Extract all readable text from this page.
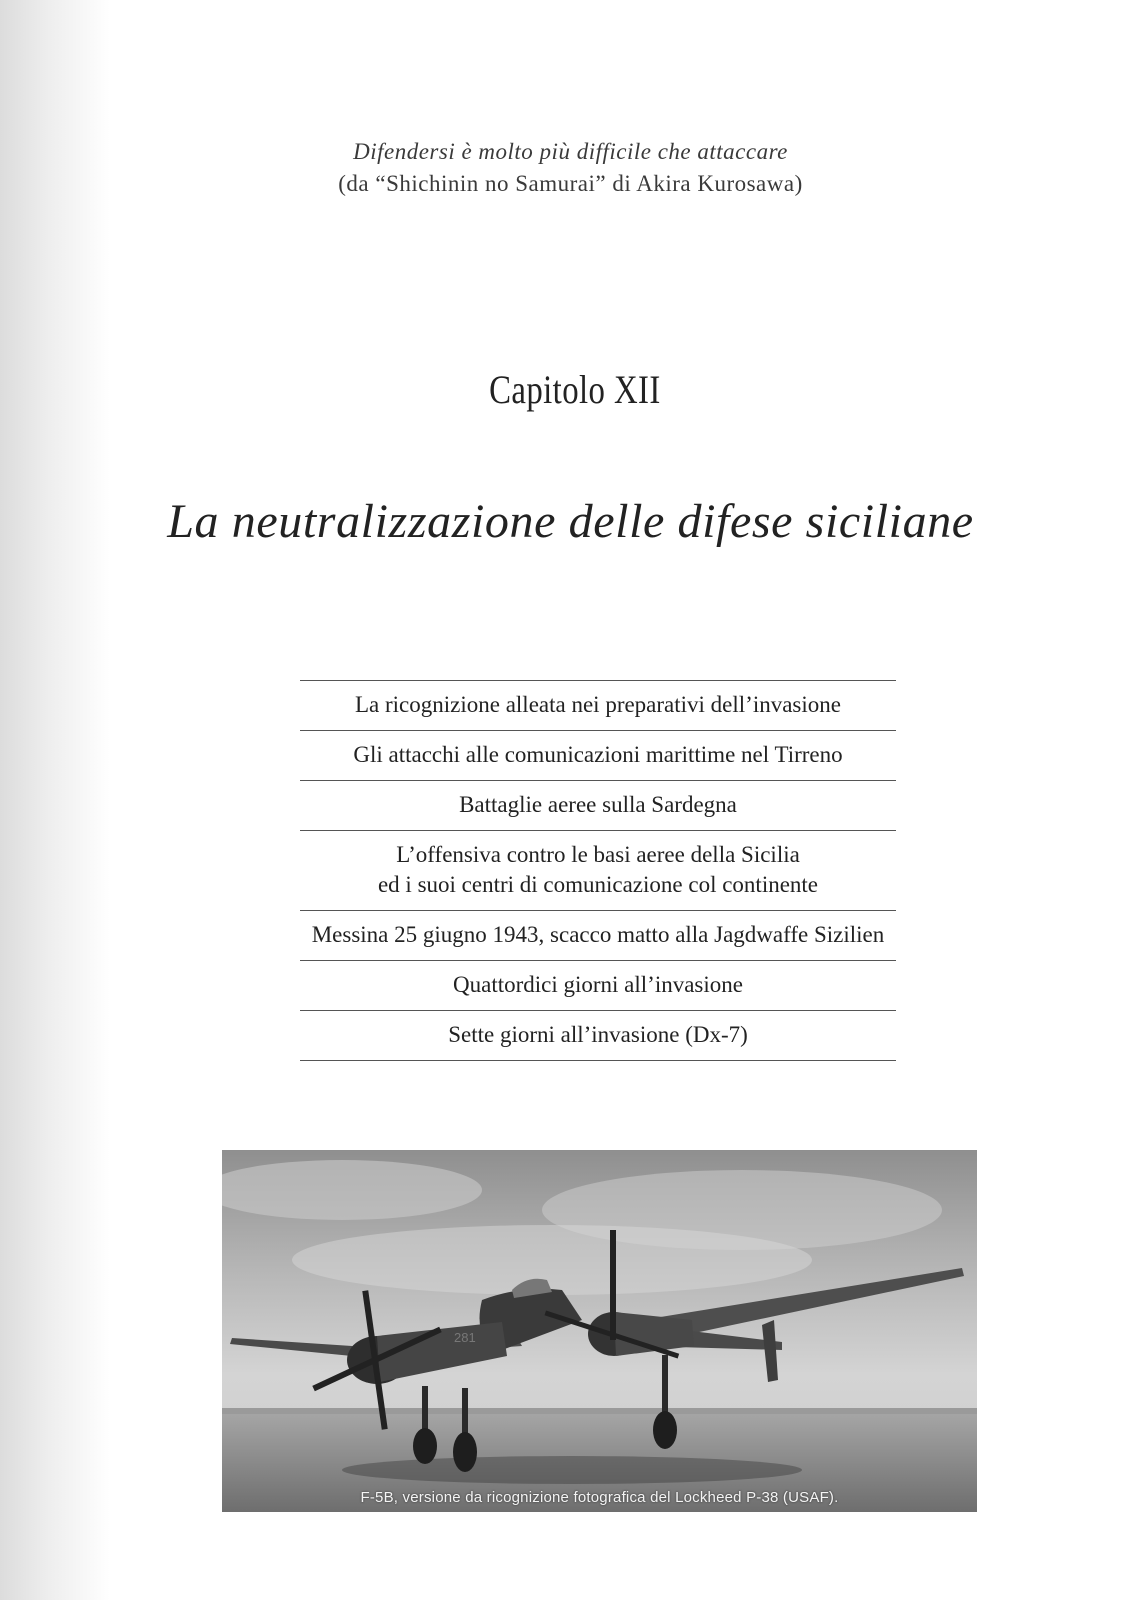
Difendersi è molto più difficile che attaccare
(da “Shichinin no Samurai” di Akira Kurosawa)
Capitolo XII
La neutralizzazione delle difese siciliane
La ricognizione alleata nei preparativi dell’invasione
Gli attacchi alle comunicazioni marittime nel Tirreno
Battaglie aeree sulla Sardegna
L’offensiva contro le basi aeree della Sicilia
ed i suoi centri di comunicazione col continente
Messina 25 giugno 1943, scacco matto alla Jagdwaffe Sizilien
Quattordici giorni all’invasione
Sette giorni all’invasione (Dx-7)
281
F-5B, versione da ricognizione fotografica del Lockheed P-38 (USAF).
